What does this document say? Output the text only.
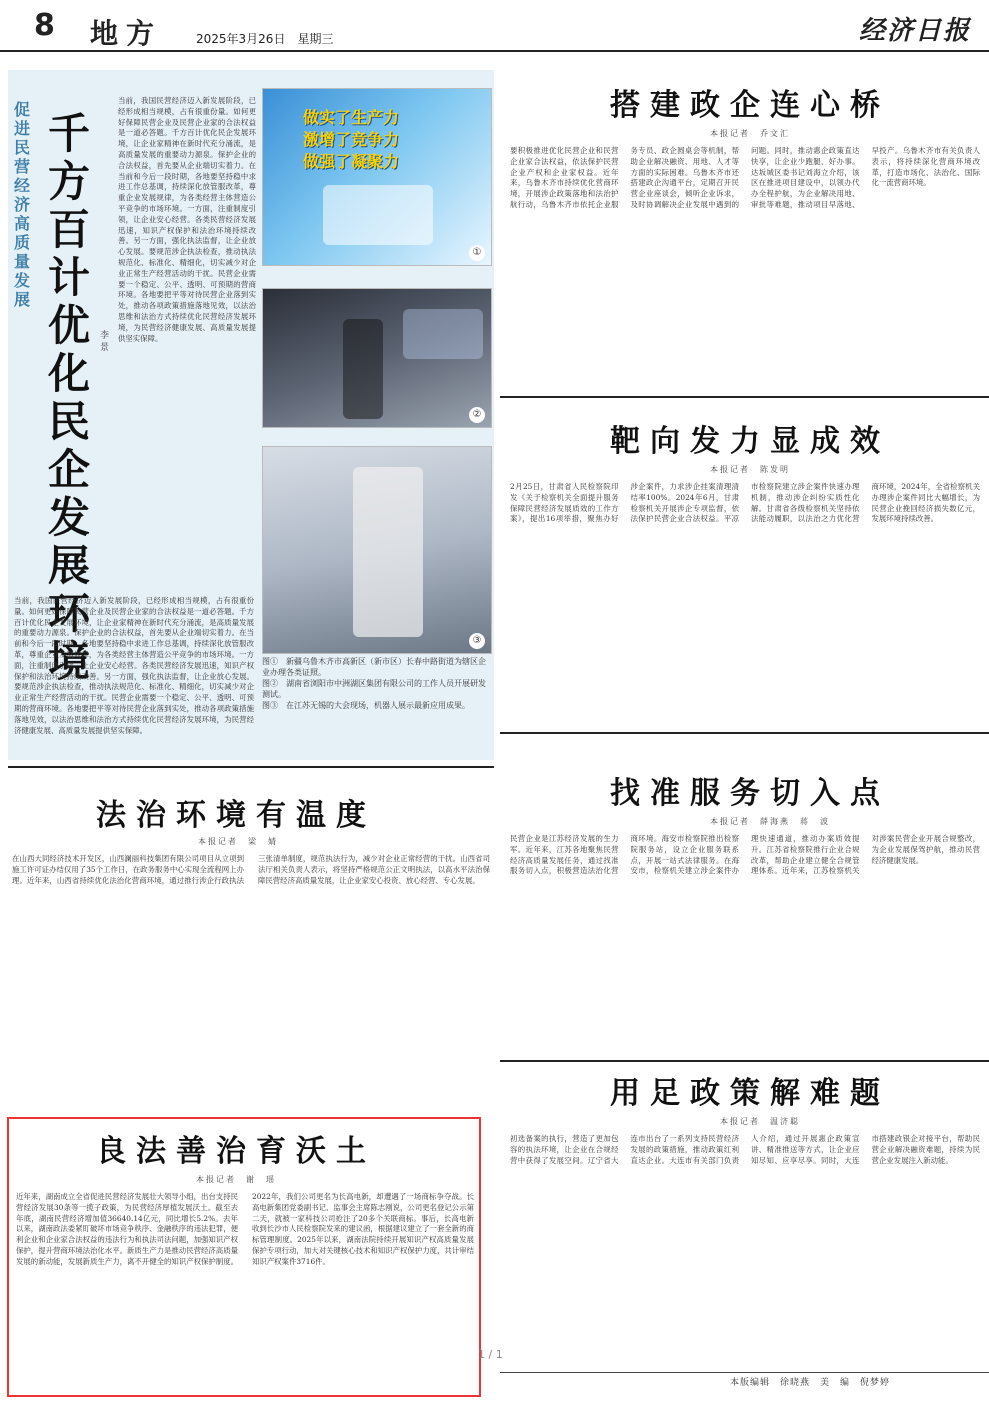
8 地方	2025年3月26日　星期三	经济日报
促进民营经济高质量发展
千方百计优化民企发展环境
李景
当前，我国民营经济迈入新发展阶段，已经形成相当规模，占有很重份量。如何更好保障民营企业及民营企业家的合法权益是一道必答题。千方百计优化民企发展环境，让企业家精神在新时代充分涌流，是高质量发展的重要动力源泉。保护企业的合法权益，首先要从企业端切实着力。在当前和今后一段时期，各地要坚持稳中求进工作总基调，持续深化放管服改革，尊重企业发展规律，为各类经营主体营造公平竞争的市场环境。一方面，注重制度引领，让企业安心经营。各类民营经济发展迅速，知识产权保护和法治环境持续改善。另一方面，强化执法监督，让企业放心发展。要规范涉企执法检查，推动执法规范化、标准化、精细化，切实减少对企业正常生产经营活动的干扰。民营企业需要一个稳定、公平、透明、可预期的营商环境。各地要把平等对待民营企业落到实处，推动各项政策措施落地见效，以法治思维和法治方式持续优化民营经济发展环境，为民营经济健康发展、高质量发展提供坚实保障。
当前，我国民营经济迈入新发展阶段，已经形成相当规模，占有很重份量。如何更好保障民营企业及民营企业家的合法权益是一道必答题。千方百计优化民企发展环境，让企业家精神在新时代充分涌流，是高质量发展的重要动力源泉。保护企业的合法权益，首先要从企业端切实着力。在当前和今后一段时期，各地要坚持稳中求进工作总基调，持续深化放管服改革，尊重企业发展规律，为各类经营主体营造公平竞争的市场环境。一方面，注重制度引领，让企业安心经营。各类民营经济发展迅速，知识产权保护和法治环境持续改善。另一方面，强化执法监督，让企业放心发展。要规范涉企执法检查，推动执法规范化、标准化、精细化，切实减少对企业正常生产经营活动的干扰。民营企业需要一个稳定、公平、透明、可预期的营商环境。各地要把平等对待民营企业落到实处，推动各项政策措施落地见效，以法治思维和法治方式持续优化民营经济发展环境，为民营经济健康发展、高质量发展提供坚实保障。
做实了生产力
激增了竞争力
做强了凝聚力
①
②
③
图①　新疆乌鲁木齐市高新区（新市区）长春中路街道为辖区企业办理各类证照。
图②　湖南省浏阳市中洲湖区集团有限公司的工作人员开展研发测试。
图③　在江苏无锡的大会现场，机器人展示最新应用成果。
搭建政企连心桥
本报记者　乔文汇
要积极推进优化民营企业和民营企业家合法权益，依法保护民营企业产权和企业家权益。近年来，乌鲁木齐市持续优化营商环境，开展涉企政策落地和法治护航行动，乌鲁木齐市依托企业服务专员、政企圆桌会等机制，帮助企业解决融资、用地、人才等方面的实际困难。乌鲁木齐市还搭建政企沟通平台，定期召开民营企业座谈会，倾听企业诉求，及时协调解决企业发展中遇到的问题。同时，推动惠企政策直达快享，让企业少跑腿、好办事。达坂城区委书记刘海立介绍，该区在推进项目建设中，以领办代办全程护航，为企业解决用地、审批等难题，推动项目早落地、早投产。乌鲁木齐市有关负责人表示，将持续深化营商环境改革，打造市场化、法治化、国际化一流营商环境。
靶向发力显成效
本报记者　陈发明
2月25日，甘肃省人民检察院印发《关于检察机关全面提升服务保障民营经济发展质效的工作方案》，提出16项举措，聚焦办好涉企案件，力求涉企挂案清理清结率100%。2024年6月，甘肃检察机关开展涉企专项监督，依法保护民营企业合法权益。平凉市检察院建立涉企案件快速办理机制，推动涉企纠纷实质性化解。甘肃省各级检察机关坚持依法能动履职，以法治之力优化营商环境，2024年，全省检察机关办理涉企案件同比大幅增长，为民营企业挽回经济损失数亿元，发展环境持续改善。
找准服务切入点
本报记者　薛海燕　蒋　波
民营企业是江苏经济发展的生力军。近年来，江苏各地聚焦民营经济高质量发展任务，通过找准服务切入点，积极营造法治化营商环境。海安市检察院推出检察院服务站，设立企业服务联系点，开展一站式法律服务。在海安市，检察机关建立涉企案件办理快速通道，推动办案质效提升。江苏省检察院推行企业合规改革，帮助企业建立健全合规管理体系。近年来，江苏检察机关对涉案民营企业开展合规整改，为企业发展保驾护航，推动民营经济健康发展。
用足政策解难题
本报记者　温济聪
初选备案的执行，营造了更加包容的执法环境，让企业在合规经营中获得了发展空间。辽宁省大连市出台了一系列支持民营经济发展的政策措施，推动政策红利直达企业。大连市有关部门负责人介绍，通过开展惠企政策宣讲、精准推送等方式，让企业应知尽知、应享尽享。同时，大连市搭建政银企对接平台，帮助民营企业解决融资难题，持续为民营企业发展注入新动能。
法治环境有温度
本报记者　梁　婧
在山西大同经济技术开发区，山西澜丽科技集团有限公司项目从立项到施工许可证办结仅用了35个工作日，在政务服务中心实现全流程网上办理。近年来，山西省持续优化法治化营商环境，通过推行涉企行政执法三张清单制度，规范执法行为，减少对企业正常经营的干扰。山西省司法厅相关负责人表示，将坚持严格规范公正文明执法，以高水平法治保障民营经济高质量发展，让企业家安心投资、放心经营、专心发展。
良法善治育沃土
本报记者　谢　瑶
近年来，湖南成立全省促进民营经济发展壮大领导小组，出台支持民营经济发展30条等一揽子政策，为民营经济厚植发展沃土。截至去年底，湖南民营经济增加值36640.14亿元，同比增长5.2%。去年以来，湖南政法委紧盯破坏市场竞争秩序、金融秩序的违法犯罪，便利企业和企业家合法权益的违法行为和执法司法问题，加强知识产权保护，提升营商环境法治化水平。新质生产力是推动民营经济高质量发展的新动能，发展新质生产力，离不开健全的知识产权保护制度。2022年，我们公司更名为长高电新，却遭遇了一场商标争夺战。长高电新集团党委副书记、监事会主席陈志刚说，公司更名登记公示第二天，就被一家科技公司抢注了20多个关联商标。事后，长高电新收到长沙市人民检察院发来的建议函，根据建议建立了一套全新的商标管理制度。2025年以来，湖南法院持续开展知识产权高质量发展保护专项行动，加大对关键核心技术和知识产权保护力度，共计审结知识产权案件3716件。
1 / 1
本版编辑　徐晓燕　美　编　倪梦婷
